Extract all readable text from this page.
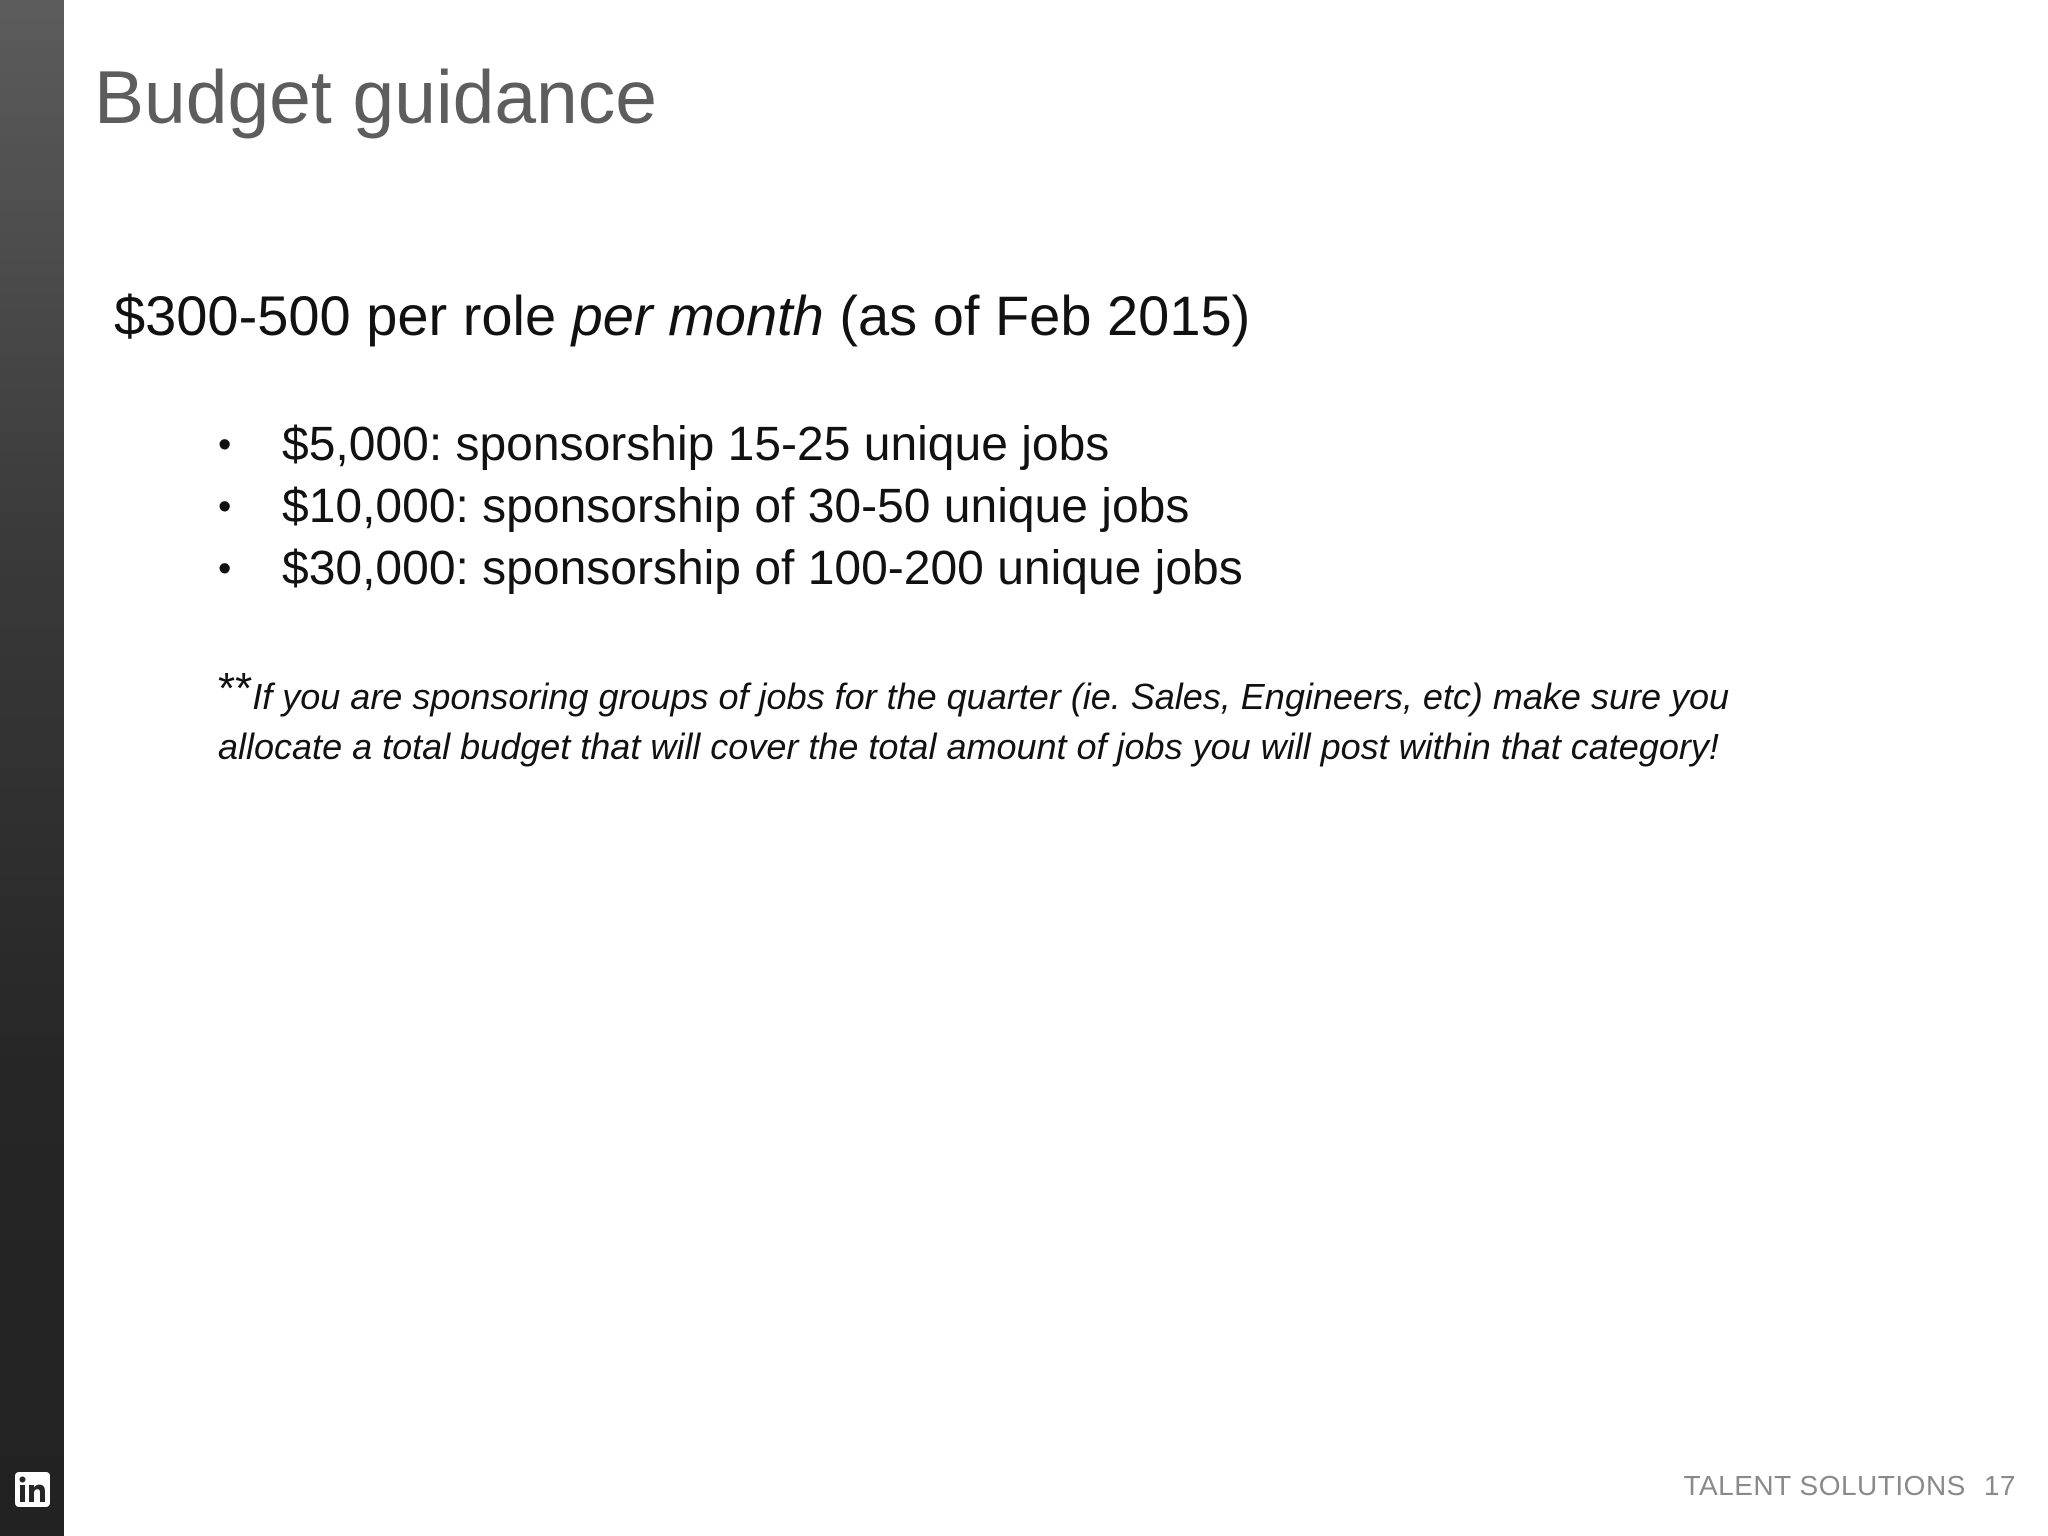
Budget guidance

$300-500 per role per month (as of Feb 2015)

• $5,000: sponsorship 15-25 unique jobs
• $10,000: sponsorship of 30-50 unique jobs
• $30,000: sponsorship of 100-200 unique jobs

**If you are sponsoring groups of jobs for the quarter (ie. Sales, Engineers, etc) make sure you allocate a total budget that will cover the total amount of jobs you will post within that category!

TALENT SOLUTIONS 17
